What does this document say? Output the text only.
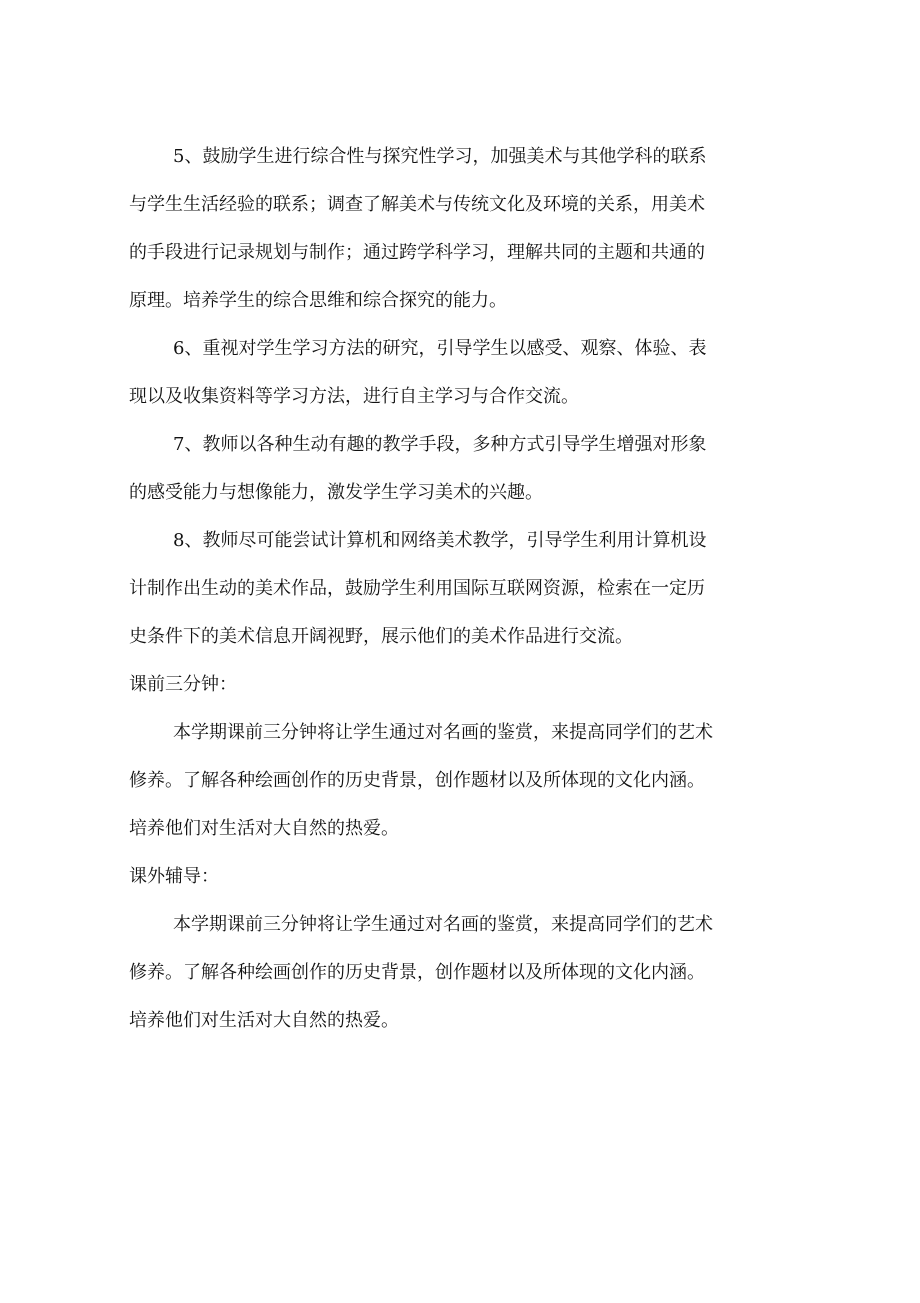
5、鼓励学生进行综合性与探究性学习，加强美术与其他学科的联系
与学生生活经验的联系；调查了解美术与传统文化及环境的关系，用美术
的手段进行记录规划与制作；通过跨学科学习，理解共同的主题和共通的
原理。培养学生的综合思维和综合探究的能力。
6、重视对学生学习方法的研究，引导学生以感受、观察、体验、表
现以及收集资料等学习方法，进行自主学习与合作交流。
7、教师以各种生动有趣的教学手段，多种方式引导学生增强对形象
的感受能力与想像能力，激发学生学习美术的兴趣。
8、教师尽可能尝试计算机和网络美术教学，引导学生利用计算机设
计制作出生动的美术作品，鼓励学生利用国际互联网资源，检索在一定历
史条件下的美术信息开阔视野，展示他们的美术作品进行交流。
课前三分钟：
本学期课前三分钟将让学生通过对名画的鉴赏，来提高同学们的艺术
修养。了解各种绘画创作的历史背景，创作题材以及所体现的文化内涵。
培养他们对生活对大自然的热爱。
课外辅导：
本学期课前三分钟将让学生通过对名画的鉴赏，来提高同学们的艺术
修养。了解各种绘画创作的历史背景，创作题材以及所体现的文化内涵。
培养他们对生活对大自然的热爱。
